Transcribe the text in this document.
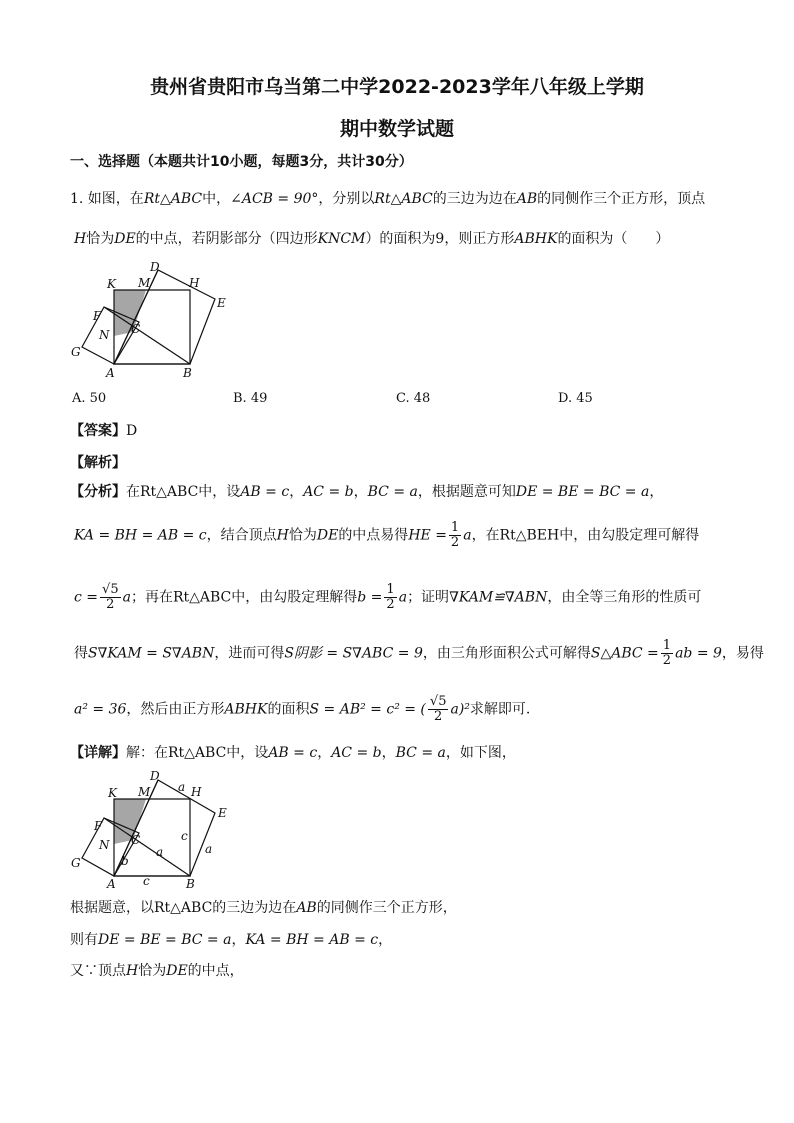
贵州省贵阳市乌当第二中学2022-2023学年八年级上学期
期中数学试题
一、选择题（本题共计10小题，每题3分，共计30分）
1. 如图，在Rt△ABC中，∠ACB = 90°，分别以Rt△ABC的三边为边在AB的同侧作三个正方形，顶点
H恰为DE的中点，若阴影部分（四边形KNCM）的面积为9，则正方形ABHK的面积为（　　）
K M
D
H
E
F
N C
G
A	B
A. 50	B. 49	C. 48	D. 45
【答案】D
【解析】
【分析】在Rt△ABC中，设AB = c，AC = b，BC = a，根据题意可知DE = BE = BC = a，
KA = BH = AB = c，结合顶点H恰为DE的中点易得HE = $\frac{1}{2}$ a，在Rt△BEH中，由勾股定理可解得
$c = \frac{√5}{2}$ a；再在Rt△ABC中，由勾股定理解得$b = \frac{1}{2}$ a；证明∇KAM≌∇ABN，由全等三角形的性质可
得S∇KAM = S∇ABN，进而可得S阴影 = S∇ABC = 9，由三角形面积公式可解得S△ABC = $\frac{1}{2}$ ab = 9，易得
a² = 36，然后由正方形ABHK的面积S = AB² = c² = ( $\frac{√5}{2} a)^2$求解即可.
【详解】解：在Rt△ABC中，设AB = c，AC = b，BC = a，如下图，
K M
D
H
E
F
N C
G
A	B
a
c
a	a
b
c
根据题意，以Rt△ABC的三边为边在AB的同侧作三个正方形，
则有DE = BE = BC = a，KA = BH = AB = c，
又∵顶点H恰为DE的中点，
